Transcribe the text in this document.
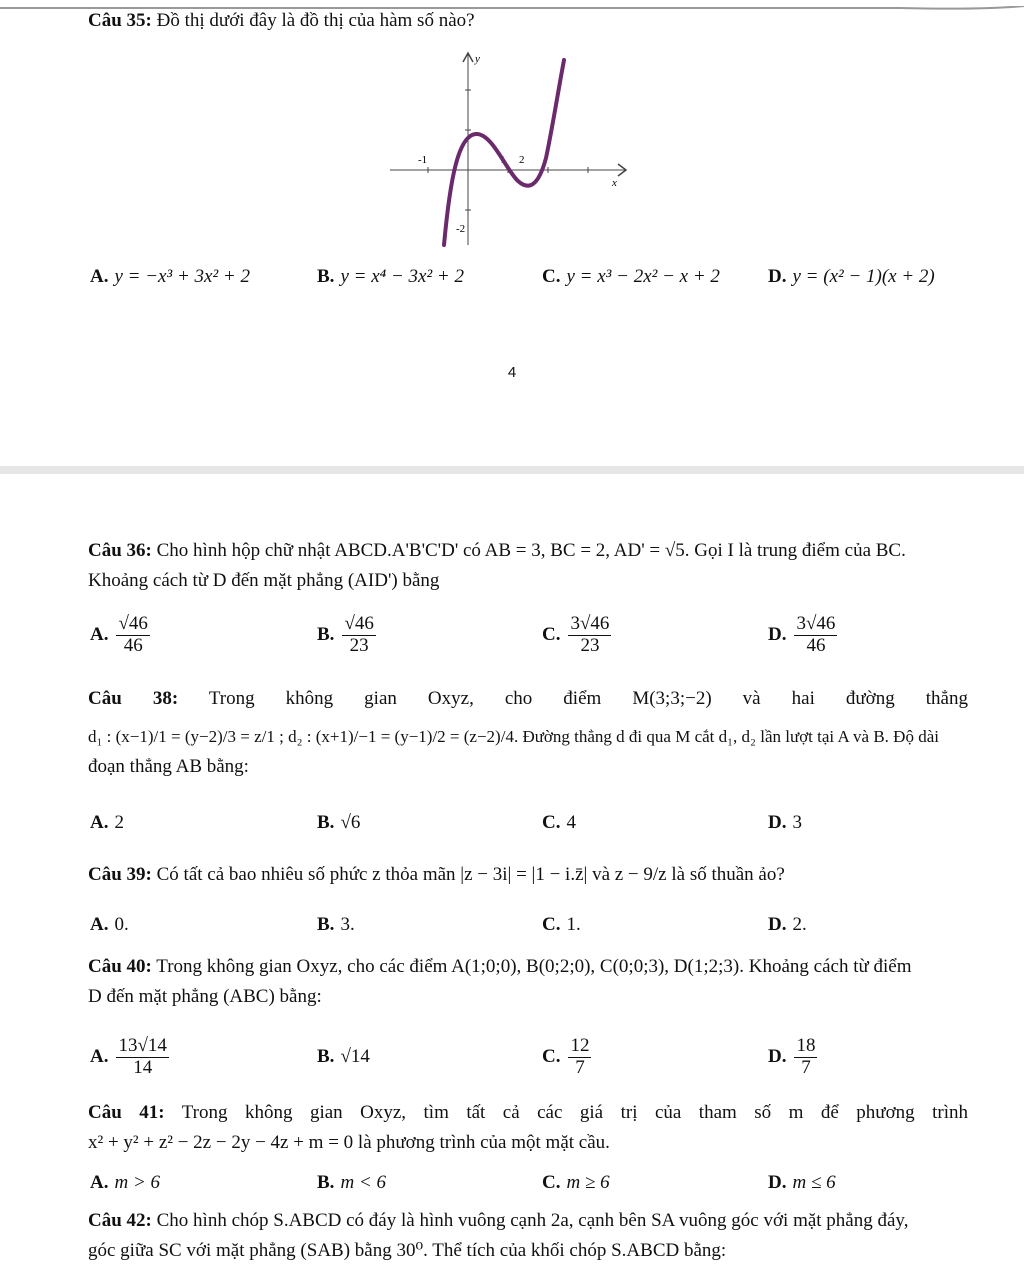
Câu 35: Đồ thị dưới đây là đồ thị của hàm số nào?
y
x
-1	1 2
-2
A. y = −x³ + 3x² + 2	B. y = x⁴ − 3x² + 2	C. y = x³ − 2x² − x + 2	D. y = (x² − 1)(x + 2)
4
Câu 36: Cho hình hộp chữ nhật ABCD.A'B'C'D' có AB = 3, BC = 2, AD' = √5. Gọi I là trung điểm của BC.
Khoảng cách từ D đến mặt phẳng (AID') bằng
A. $\frac{√46}{46}$	B. $\frac{√46}{23}$	C. $\frac{3√46}{23}$	D. $\frac{3√46}{46}$
Câu 38: Trong không gian Oxyz, cho điểm M(3;3;−2) và hai đường thẳng
d₁ : (x−1)/1 = (y−2)/3 = z/1 ; d₂ : (x+1)/−1 = (y−1)/2 = (z−2)/4. Đường thẳng d đi qua M cắt d₁, d₂ lần lượt tại A và B. Độ dài
đoạn thẳng AB bằng:
A. 2	B. √6	C. 4	D. 3
Câu 39: Có tất cả bao nhiêu số phức z thỏa mãn |z − 3i| = |1 − i.z̄| và z − 9/z là số thuần ảo?
A. 0.	B. 3.	C. 1.	D. 2.
Câu 40: Trong không gian Oxyz, cho các điểm A(1;0;0), B(0;2;0), C(0;0;3), D(1;2;3). Khoảng cách từ điểm
D đến mặt phẳng (ABC) bằng:
A. $\frac{13√14}{14}$	B. √14	C. $\frac{12}{7}$	D. $\frac{18}{7}$
Câu 41: Trong không gian Oxyz, tìm tất cả các giá trị của tham số m để phương trình
x² + y² + z² − 2z − 2y − 4z + m = 0 là phương trình của một mặt cầu.
A. m > 6	B. m < 6	C. m ≥ 6	D. m ≤ 6
Câu 42: Cho hình chóp S.ABCD có đáy là hình vuông cạnh 2a, cạnh bên SA vuông góc với mặt phẳng đáy,
góc giữa SC với mặt phẳng (SAB) bằng 30⁰. Thể tích của khối chóp S.ABCD bằng:
